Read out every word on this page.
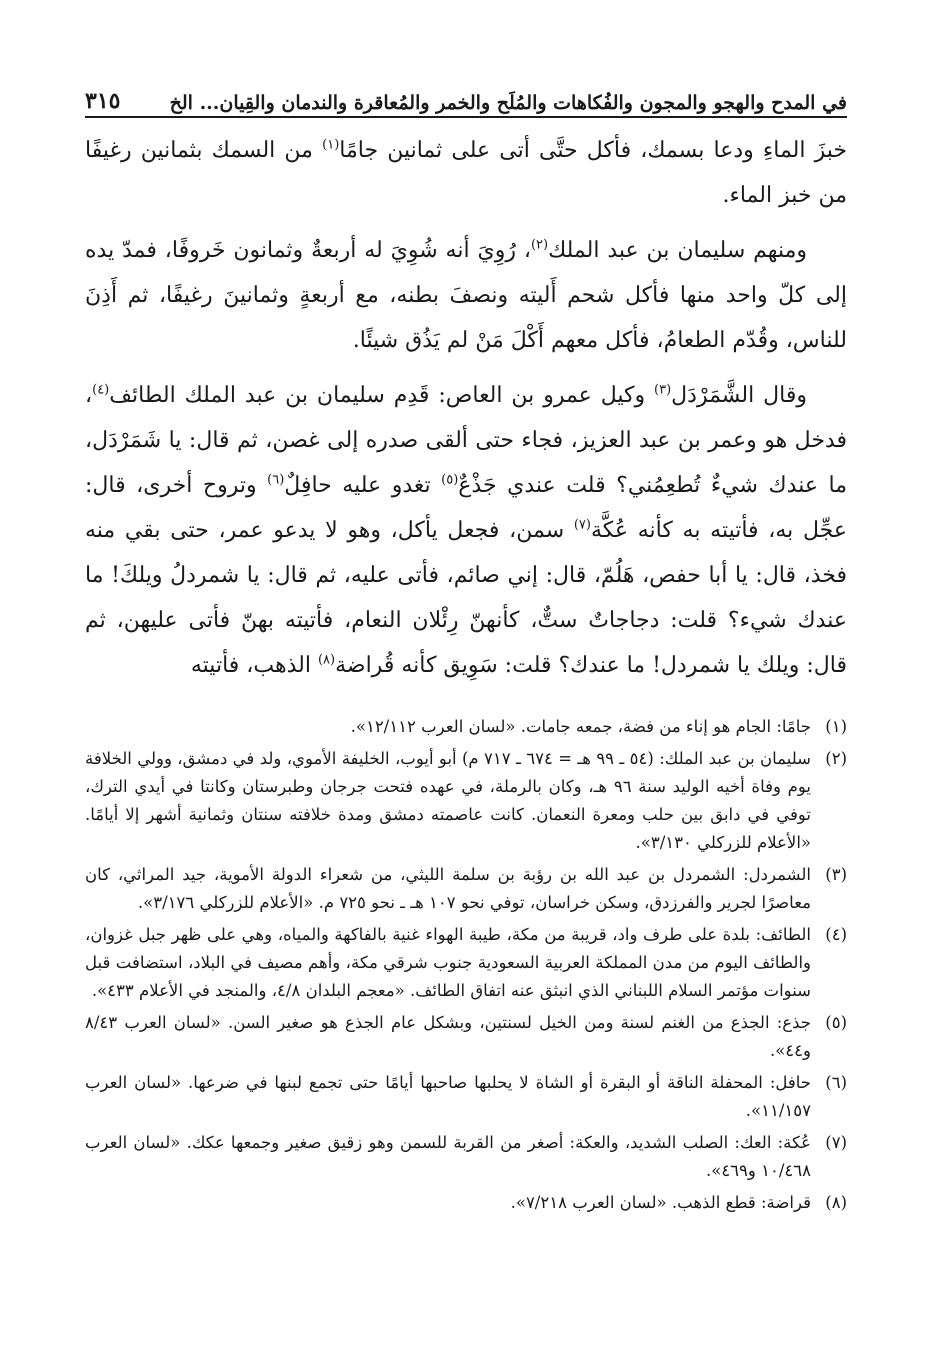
في المدح والهجو والمجون والفُكاهات والمُلَح والخمر والمُعاقرة والندمان والقِيان... الخ
٣١٥

خبزَ الماءِ ودعا بسمك، فأكل حتَّى أتى على ثمانين جامًا$^{(١)}$ من السمك بثمانين رغيفًا من خبز الماء.

ومنهم سليمان بن عبد الملك$^{(٢)}$، رُوِيَ أنه شُوِيَ له أربعةٌ وثمانون خَروفًا، فمدّ يده إلى كلّ واحد منها فأكل شحم أَليته ونصفَ بطنه، مع أربعةٍ وثمانينَ رغيفًا، ثم أَذِنَ للناس، وقُدّم الطعامُ، فأكل معهم أَكْلَ مَنْ لم يَذُق شيئًا.

وقال الشَّمَرْدَل$^{(٣)}$ وكيل عمرو بن العاص: قَدِم سليمان بن عبد الملك الطائف$^{(٤)}$، فدخل هو وعمر بن عبد العزيز، فجاء حتى ألقى صدره إلى غصن، ثم قال: يا شَمَرْدَل، ما عندك شيءٌ تُطعِمُني؟ قلت عندي جَذْعٌ$^{(٥)}$ تغدو عليه حافِلٌ$^{(٦)}$ وتروح أخرى، قال: عجِّل به، فأتيته به كأنه عُكَّة$^{(٧)}$ سمن، فجعل يأكل، وهو لا يدعو عمر، حتى بقي منه فخذ، قال: يا أبا حفص، هَلُمّ، قال: إني صائم، فأتى عليه، ثم قال: يا شمردلُ ويلكَ! ما عندك شيء؟ قلت: دجاجاتٌ ستٌّ، كأنهنّ رِئْلان النعام، فأتيته بهنّ فأتى عليهن، ثم قال: ويلك يا شمردل! ما عندك؟ قلت: سَوِيق كأنه قُراضة$^{(٨)}$ الذهب، فأتيته

(١)
جامًا: الجام هو إناء من فضة، جمعه جامات. «لسان العرب ١٢/١١٢».
(٢)
سليمان بن عبد الملك: (٥٤ ـ ٩٩ هـ = ٦٧٤ ـ ٧١٧ م) أبو أيوب، الخليفة الأموي، ولد في دمشق، وولي الخلافة يوم وفاة أخيه الوليد سنة ٩٦ هـ، وكان بالرملة، في عهده فتحت جرجان وطبرستان وكانتا في أيدي الترك، توفي في دابق بين حلب ومعرة النعمان. كانت عاصمته دمشق ومدة خلافته سنتان وثمانية أشهر إلا أيامًا. «الأعلام للزركلي ٣/١٣٠».
(٣)
الشمردل: الشمردل بن عبد الله بن رؤبة بن سلمة الليثي، من شعراء الدولة الأموية، جيد المراثي، كان معاصرًا لجرير والفرزدق، وسكن خراسان، توفي نحو ١٠٧ هـ ـ نحو ٧٢٥ م. «الأعلام للزركلي ٣/١٧٦».
(٤)
الطائف: بلدة على طرف واد، قريبة من مكة، طيبة الهواء غنية بالفاكهة والمياه، وهي على ظهر جبل غزوان، والطائف اليوم من مدن المملكة العربية السعودية جنوب شرقي مكة، وأهم مصيف في البلاد، استضافت قبل سنوات مؤتمر السلام اللبناني الذي انبثق عنه اتفاق الطائف. «معجم البلدان ٤/٨، والمنجد في الأعلام ٤٣٣».
(٥)
جذع: الجذع من الغنم لسنة ومن الخيل لسنتين، وبشكل عام الجذع هو صغير السن. «لسان العرب ٨/٤٣ و٤٤».
(٦)
حافل: المحفلة الناقة أو البقرة أو الشاة لا يحلبها صاحبها أيامًا حتى تجمع لبنها في ضرعها. «لسان العرب ١١/١٥٧».
(٧)
عُكة: العك: الصلب الشديد، والعكة: أصغر من القربة للسمن وهو زقيق صغير وجمعها عكك. «لسان العرب ١٠/٤٦٨ و٤٦٩».
(٨)
قراضة: قطع الذهب. «لسان العرب ٧/٢١٨».
